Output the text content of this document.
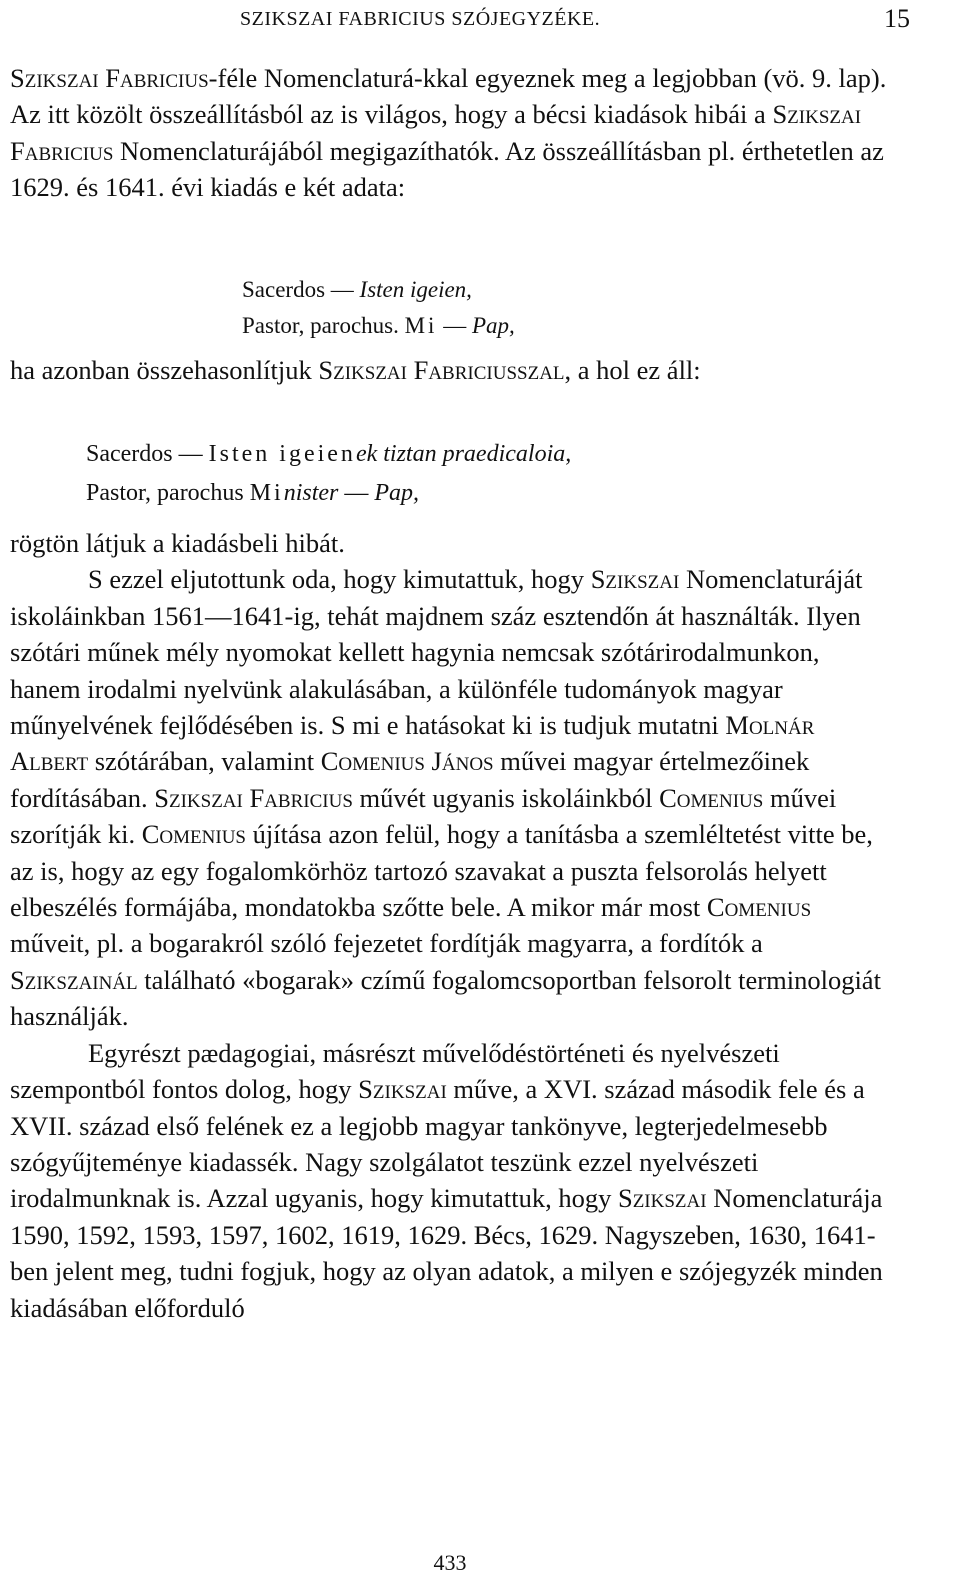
SZIKSZAI FABRICIUS SZÓJEGYZÉKE.	15
Szikszai Fabricius-féle Nomenclaturá-kkal egyeznek meg a legjobban (vö. 9. lap). Az itt közölt összeállításból az is világos, hogy a bécsi kiadások hibái a Szikszai Fabricius Nomenclaturájából megigazíthatók. Az összeállításban pl. érthetetlen az 1629. és 1641. évi kiadás e két adata:
Sacerdos — Isten igeien,
Pastor, parochus. Mi — Pap,
ha azonban összehasonlítjuk Szikszai Fabriciusszal, a hol ez áll:
Sacerdos — Isten igeienek tiztan praedicaloia,
Pastor, parochus Minister — Pap,
rögtön látjuk a kiadásbeli hibát.
S ezzel eljutottunk oda, hogy kimutattuk, hogy Szikszai Nomenclaturáját iskoláinkban 1561—1641-ig, tehát majdnem száz esztendőn át használták. Ilyen szótári műnek mély nyomokat kellett hagynia nemcsak szótárirodalmunkon, hanem irodalmi nyelvünk alakulásában, a különféle tudományok magyar műnyelvének fejlődésében is. S mi e hatásokat ki is tudjuk mutatni Molnár Albert szótárában, valamint Comenius János művei magyar értelmezőinek fordításában. Szikszai Fabricius művét ugyanis iskoláinkból Comenius művei szorítják ki. Comenius újítása azon felül, hogy a tanításba a szemléltetést vitte be, az is, hogy az egy fogalomkörhöz tartozó szavakat a puszta felsorolás helyett elbeszélés formájába, mondatokba szőtte bele. A mikor már most Comenius műveit, pl. a bogarakról szóló fejezetet fordítják magyarra, a fordítók a Szikszainál található «bogarak» czímű fogalomcsoportban felsorolt terminologiát használják.
Egyrészt pædagogiai, másrészt művelődéstörténeti és nyelvészeti szempontból fontos dolog, hogy Szikszai műve, a XVI. század második fele és a XVII. század első felének ez a legjobb magyar tankönyve, legterjedelmesebb szógyűjteménye kiadassék. Nagy szolgálatot teszünk ezzel nyelvészeti irodalmunknak is. Azzal ugyanis, hogy kimutattuk, hogy Szikszai Nomenclaturája 1590, 1592, 1593, 1597, 1602, 1619, 1629. Bécs, 1629. Nagyszeben, 1630, 1641-ben jelent meg, tudni fogjuk, hogy az olyan adatok, a milyen e szójegyzék minden kiadásában előforduló
433
